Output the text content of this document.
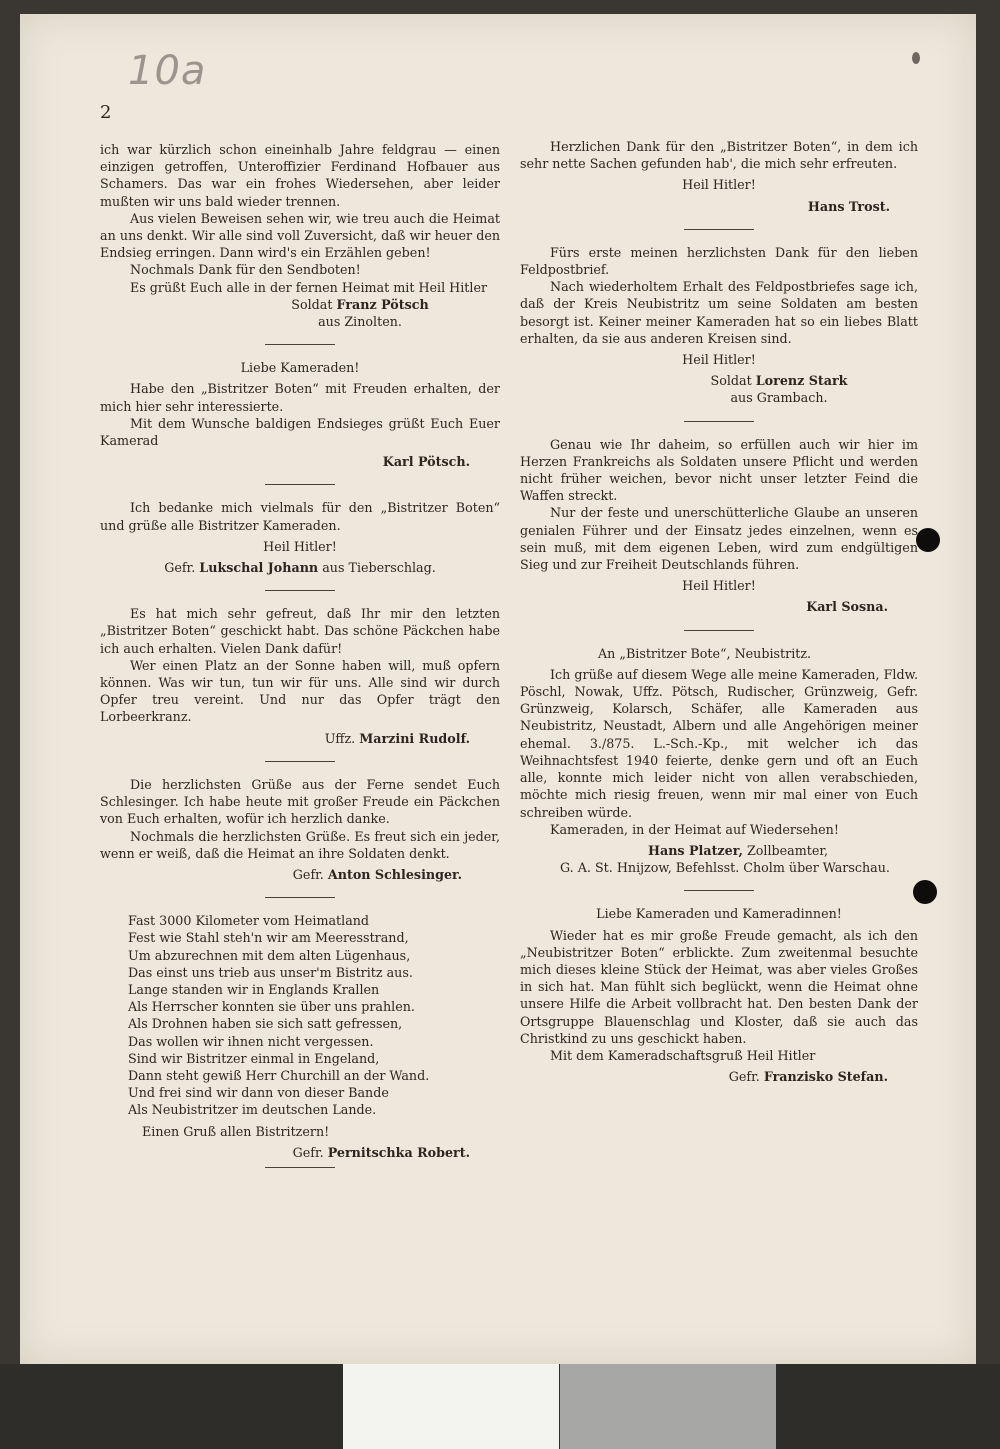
10a
2

ich war kürzlich schon eineinhalb Jahre feldgrau — einen einzigen getroffen, Unteroffizier Ferdinand Hofbauer aus Schamers. Das war ein frohes Wiedersehen, aber leider mußten wir uns bald wieder trennen.

Aus vielen Beweisen sehen wir, wie treu auch die Heimat an uns denkt. Wir alle sind voll Zuversicht, daß wir heuer den Endsieg erringen. Dann wird's ein Erzählen geben!

Nochmals Dank für den Sendboten!

Es grüßt Euch alle in der fernen Heimat mit Heil Hitler

Soldat Franz Pötsch

aus Zinolten.

Liebe Kameraden!

Habe den „Bistritzer Boten“ mit Freuden erhalten, der mich hier sehr interessierte.

Mit dem Wunsche baldigen Endsieges grüßt Euch Euer Kamerad

Karl Pötsch.

Ich bedanke mich vielmals für den „Bistritzer Boten“ und grüße alle Bistritzer Kameraden.

Heil Hitler!

Gefr. Lukschal Johann aus Tieberschlag.

Es hat mich sehr gefreut, daß Ihr mir den letzten „Bistritzer Boten“ geschickt habt. Das schöne Päckchen habe ich auch erhalten. Vielen Dank dafür!

Wer einen Platz an der Sonne haben will, muß opfern können. Was wir tun, tun wir für uns. Alle sind wir durch Opfer treu vereint. Und nur das Opfer trägt den Lorbeerkranz.

Uffz. Marzini Rudolf.

Die herzlichsten Grüße aus der Ferne sendet Euch Schlesinger. Ich habe heute mit großer Freude ein Päckchen von Euch erhalten, wofür ich herzlich danke.

Nochmals die herzlichsten Grüße. Es freut sich ein jeder, wenn er weiß, daß die Heimat an ihre Soldaten denkt.

Gefr. Anton Schlesinger.

Fast 3000 Kilometer vom Heimatland

Fest wie Stahl steh'n wir am Meeresstrand,

Um abzurechnen mit dem alten Lügenhaus,

Das einst uns trieb aus unser'm Bistritz aus.

Lange standen wir in Englands Krallen

Als Herrscher konnten sie über uns prahlen.

Als Drohnen haben sie sich satt gefressen,

Das wollen wir ihnen nicht vergessen.

Sind wir Bistritzer einmal in Engeland,

Dann steht gewiß Herr Churchill an der Wand.

Und frei sind wir dann von dieser Bande

Als Neubistritzer im deutschen Lande.

Einen Gruß allen Bistritzern!

Gefr. Pernitschka Robert.

Herzlichen Dank für den „Bistritzer Boten“, in dem ich sehr nette Sachen gefunden hab', die mich sehr erfreuten.

Heil Hitler!

Hans Trost.

Fürs erste meinen herzlichsten Dank für den lieben Feldpostbrief.

Nach wiederholtem Erhalt des Feldpostbriefes sage ich, daß der Kreis Neubistritz um seine Soldaten am besten besorgt ist. Keiner meiner Kameraden hat so ein liebes Blatt erhalten, da sie aus anderen Kreisen sind.

Heil Hitler!

Soldat Lorenz Stark

aus Grambach.

Genau wie Ihr daheim, so erfüllen auch wir hier im Herzen Frankreichs als Soldaten unsere Pflicht und werden nicht früher weichen, bevor nicht unser letzter Feind die Waffen streckt.

Nur der feste und unerschütterliche Glaube an unseren genialen Führer und der Einsatz jedes einzelnen, wenn es sein muß, mit dem eigenen Leben, wird zum endgültigen Sieg und zur Freiheit Deutschlands führen.

Heil Hitler!

Karl Sosna.

An „Bistritzer Bote“, Neubistritz.

Ich grüße auf diesem Wege alle meine Kameraden, Fldw. Pöschl, Nowak, Uffz. Pötsch, Rudischer, Grünzweig, Gefr. Grünzweig, Kolarsch, Schäfer, alle Kameraden aus Neubistritz, Neustadt, Albern und alle Angehörigen meiner ehemal. 3./875. L.-Sch.-Kp., mit welcher ich das Weihnachtsfest 1940 feierte, denke gern und oft an Euch alle, konnte mich leider nicht von allen verabschieden, möchte mich riesig freuen, wenn mir mal einer von Euch schreiben würde.

Kameraden, in der Heimat auf Wiedersehen!

Hans Platzer, Zollbeamter,

G. A. St. Hnijzow, Befehlsst. Cholm über Warschau.

Liebe Kameraden und Kameradinnen!

Wieder hat es mir große Freude gemacht, als ich den „Neubistritzer Boten“ erblickte. Zum zweitenmal besuchte mich dieses kleine Stück der Heimat, was aber vieles Großes in sich hat. Man fühlt sich beglückt, wenn die Heimat ohne unsere Hilfe die Arbeit vollbracht hat. Den besten Dank der Ortsgruppe Blauenschlag und Kloster, daß sie auch das Christkind zu uns geschickt haben.

Mit dem Kameradschaftsgruß Heil Hitler

Gefr. Franzisko Stefan.
